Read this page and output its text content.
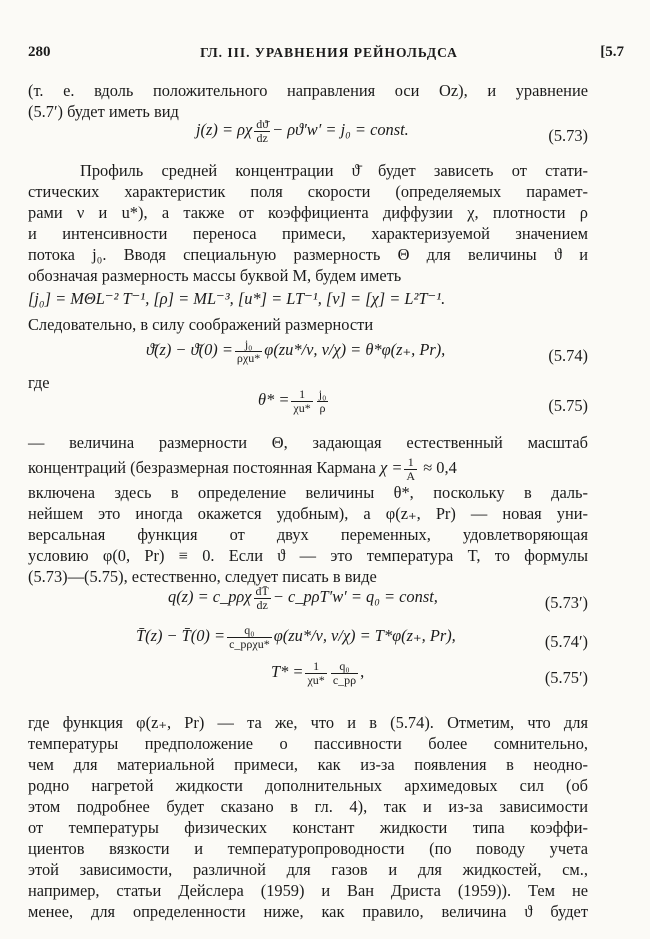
280	ГЛ. III. УРАВНЕНИЯ РЕЙНОЛЬДСА	[5.7
(т. е. вдоль положительного направления оси Oz), и уравнение
(5.7′) будет иметь вид
j(z) = ρχ $\frac{dϑ̄}{dz} - \rho ϑ'w' = j_0$ = const.	(5.73)
Профиль средней концентрации ϑ̄ будет зависеть от стати-
стических характеристик поля скорости (определяемых парамет-
рами ν и u*), а также от коэффициента диффузии χ, плотности ρ
и интенсивности переноса примеси, характеризуемой значением
потока j₀. Вводя специальную размерность Θ для величины ϑ и
обозначая размерность массы буквой M, будем иметь
[j₀] = MΘL⁻² T⁻¹, [ρ] = ML⁻³, [u*] = LT⁻¹, [ν] = [χ] = L²T⁻¹.
Следовательно, в силу соображений размерности
ϑ̄(z) − ϑ̄(0) = $\frac{\text{j₀}}{\text{ρχu*}} \varphi(zu*/\nu$, ν/χ) = θ*φ(z₊, Pr),	(5.74)
где
$\theta* = \frac{1}{\chi u*} \frac{\text{j₀}}{\rho}$	(5.75)
— величина размерности Θ, задающая естественный масштаб
концентраций (безразмерная постоянная Кармана $\chi = \frac{1}{A} \approx 0,4$
включена здесь в определение величины θ*, поскольку в даль-
нейшем это иногда окажется удобным), а φ(z₊, Pr) — новая уни-
версальная функция от двух переменных, удовлетворяющая
условию φ(0, Pr) ≡ 0. Если ϑ — это температура T, то формулы
(5.73)—(5.75), естественно, следует писать в виде
q(z) = c_pρχ $\frac{dT̄}{dz}$ − c_pρT′w′ = q₀ = const,	(5.73′)
T̄(z) − T̄(0) = $\frac{\text{q₀}}{\text{c\_pρχu*}} \varphi(zu*/\nu$, ν/χ) = T*φ(z₊, Pr),	(5.74′)
$T* = \frac{1}{\chi u*} \frac{\text{q₀}}{c\_p\rho}$ ,	(5.75′)
где функция φ(z₊, Pr) — та же, что и в (5.74). Отметим, что для
температуры предположение о пассивности более сомнительно,
чем для материальной примеси, как из-за появления в неодно-
родно нагретой жидкости дополнительных архимедовых сил (об
этом подробнее будет сказано в гл. 4), так и из-за зависимости
от температуры физических констант жидкости типа коэффи-
циентов вязкости и температуропроводности (по поводу учета
этой зависимости, различной для газов и для жидкостей, см.,
например, статьи Дейслера (1959) и Ван Дриста (1959)). Тем не
менее, для определенности ниже, как правило, величина ϑ будет
